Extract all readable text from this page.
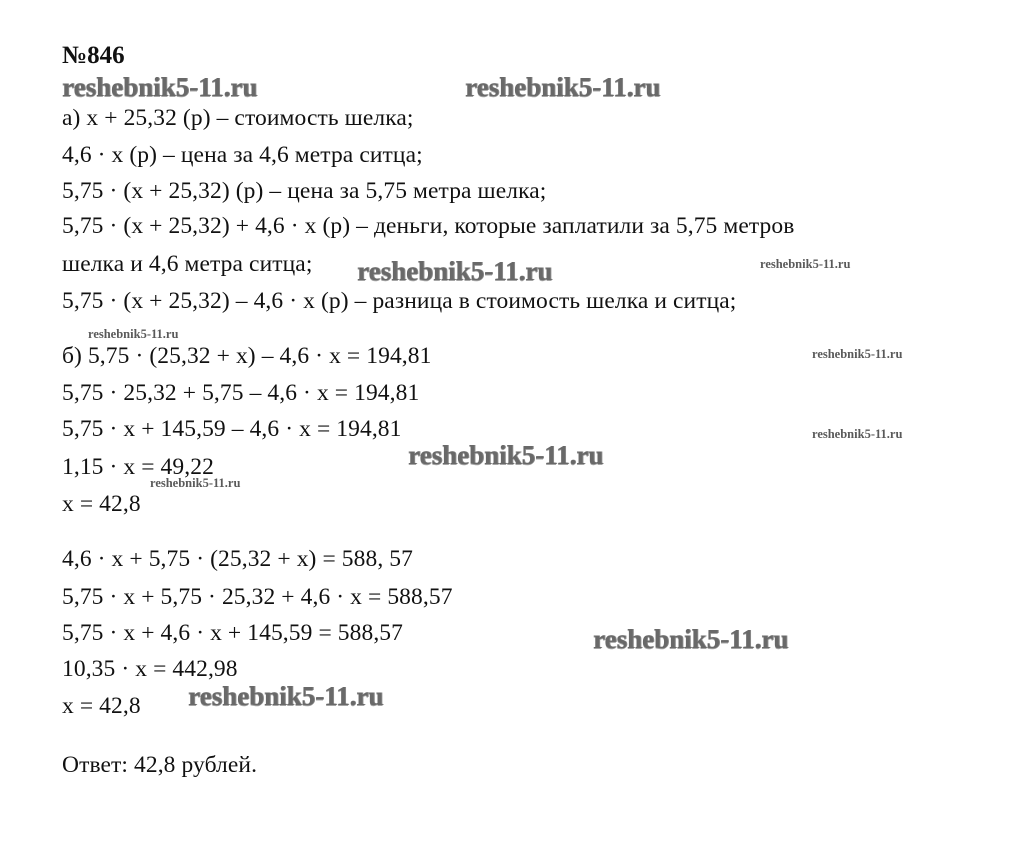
№846
а) х + 25,32 (р) – стоимость шелка;
4,6 · х (р) – цена за 4,6 метра ситца;
5,75 · (х + 25,32) (р) – цена за 5,75 метра шелка;
5,75 · (х + 25,32) + 4,6 · х (р) – деньги, которые заплатили за 5,75 метров
шелка и 4,6 метра ситца;
5,75 · (х + 25,32) – 4,6 · х (р) – разница в стоимость шелка и ситца;
б) 5,75 · (25,32 + х) – 4,6 · х = 194,81
5,75 · 25,32 + 5,75 – 4,6 · х = 194,81
5,75 · х + 145,59 – 4,6 · х = 194,81
1,15 · х = 49,22
х = 42,8
4,6 · х + 5,75 · (25,32 + х) = 588, 57
5,75 · х + 5,75 · 25,32 + 4,6 · х = 588,57
5,75 · х + 4,6 · х + 145,59 = 588,57
10,35 · х = 442,98
х = 42,8
Ответ: 42,8 рублей.
reshebnik5-11.ru	reshebnik5-11.ru
reshebnik5-11.ru	reshebnik5-11.ru
reshebnik5-11.ru
reshebnik5-11.ru
reshebnik5-11.ru
reshebnik5-11.ru
reshebnik5-11.ru
reshebnik5-11.ru
reshebnik5-11.ru
